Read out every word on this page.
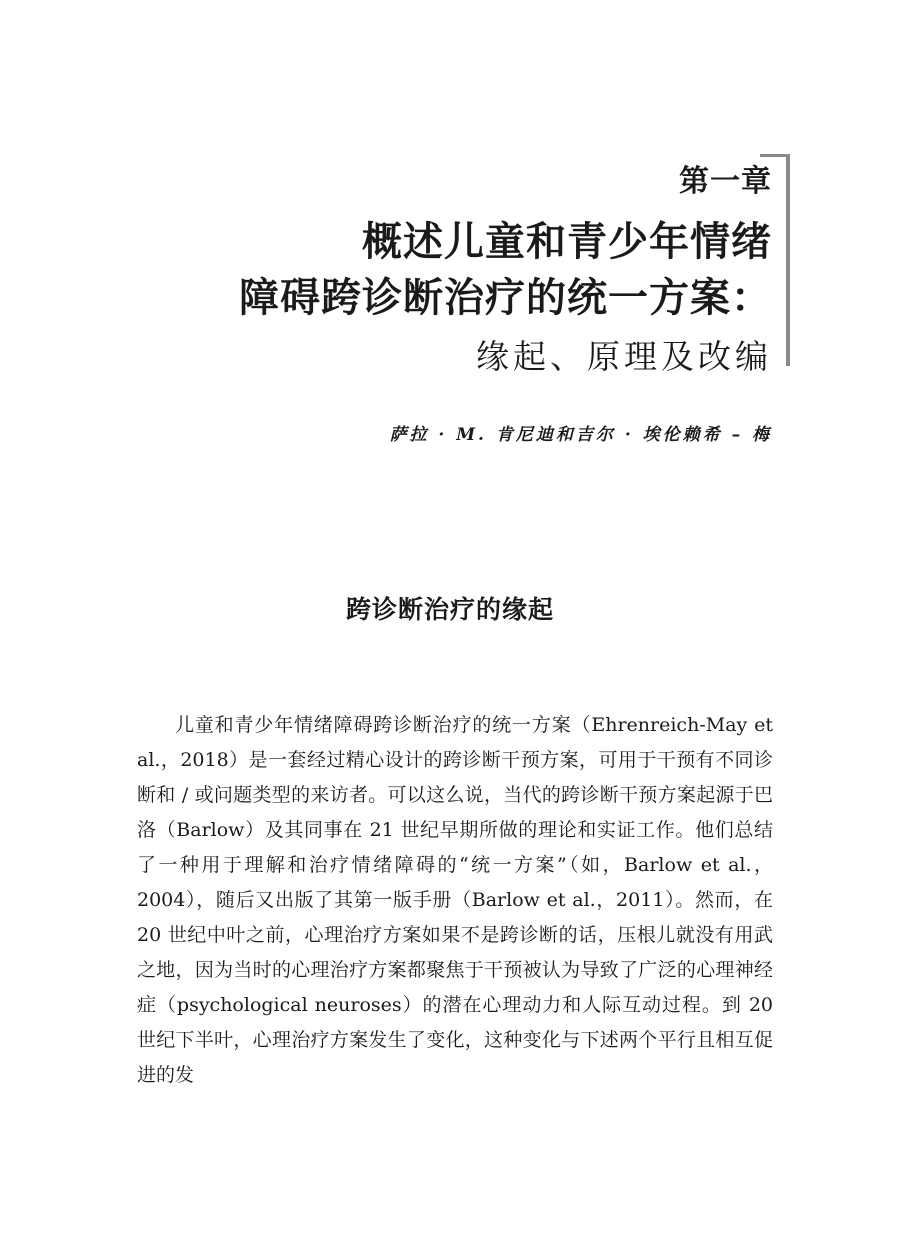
第一章

概述儿童和青少年情绪
障碍跨诊断治疗的统一方案：

缘起、原理及改编

萨拉 · M. 肯尼迪和吉尔 · 埃伦赖希 – 梅

跨诊断治疗的缘起

儿童和青少年情绪障碍跨诊断治疗的统一方案（Ehrenreich-May et al.，2018）是一套经过精心设计的跨诊断干预方案，可用于干预有不同诊断和 / 或问题类型的来访者。可以这么说，当代的跨诊断干预方案起源于巴洛（Barlow）及其同事在 21 世纪早期所做的理论和实证工作。他们总结了一种用于理解和治疗情绪障碍的“统一方案”（如，Barlow et al.，2004），随后又出版了其第一版手册（Barlow et al.，2011）。然而，在 20 世纪中叶之前，心理治疗方案如果不是跨诊断的话，压根儿就没有用武之地，因为当时的心理治疗方案都聚焦于干预被认为导致了广泛的心理神经症（psychological neuroses）的潜在心理动力和人际互动过程。到 20 世纪下半叶，心理治疗方案发生了变化，这种变化与下述两个平行且相互促进的发
